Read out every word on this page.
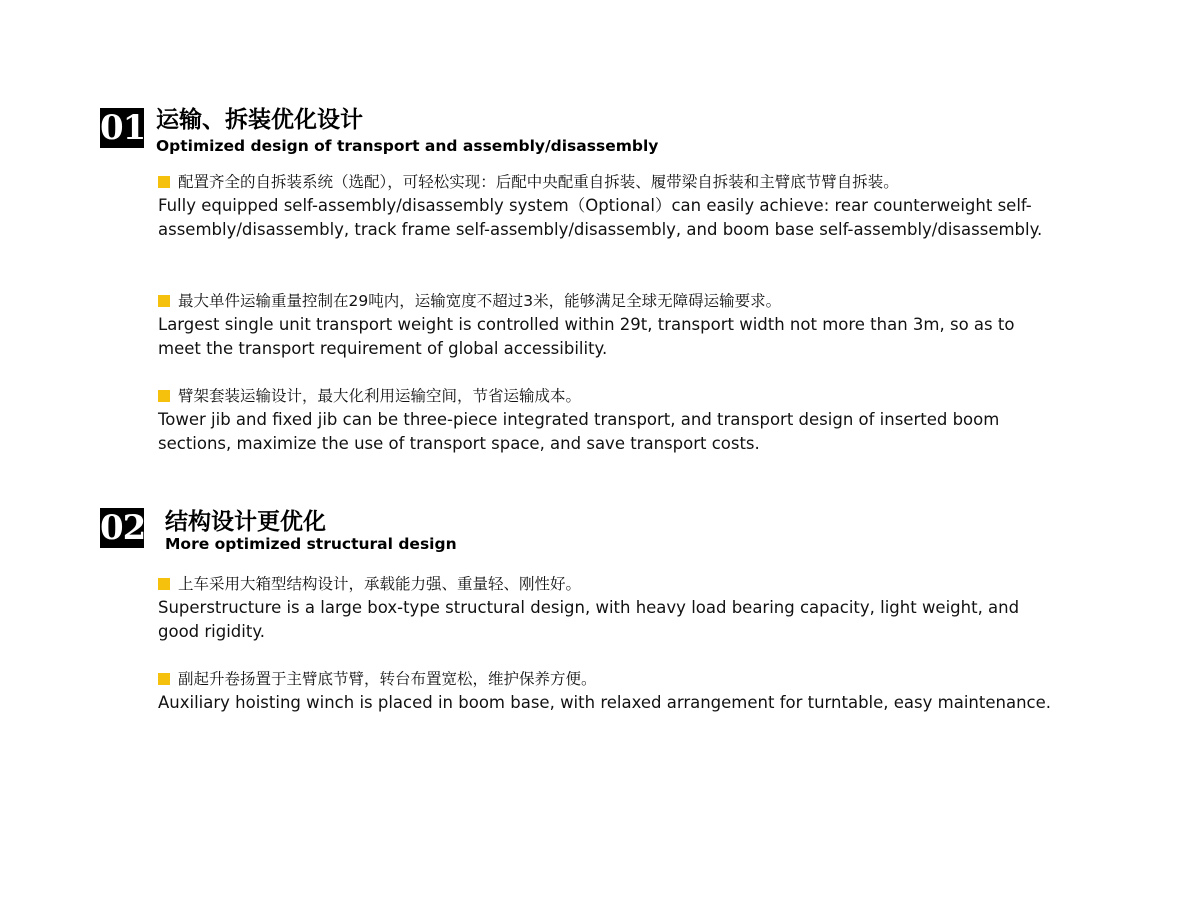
01 运输、拆装优化设计
Optimized design of transport and assembly/disassembly
配置齐全的自拆装系统（选配），可轻松实现：后配中央配重自拆装、履带梁自拆装和主臂底节臂自拆装。

Fully equipped self-assembly/disassembly system（Optional）can easily achieve: rear counterweight self-assembly/disassembly, track frame self-assembly/disassembly, and boom base self-assembly/disassembly.

最大单件运输重量控制在29吨内，运输宽度不超过3米，能够满足全球无障碍运输要求。

Largest single unit transport weight is controlled within 29t, transport width not more than 3m, so as to meet the transport requirement of global accessibility.

臂架套装运输设计，最大化利用运输空间，节省运输成本。

Tower jib and fixed jib can be three-piece integrated transport, and transport design of inserted boom sections, maximize the use of transport space, and save transport costs.

02 结构设计更优化
More optimized structural design
上车采用大箱型结构设计，承载能力强、重量轻、刚性好。

Superstructure is a large box-type structural design, with heavy load bearing capacity, light weight, and good rigidity.

副起升卷扬置于主臂底节臂，转台布置宽松，维护保养方便。

Auxiliary hoisting winch is placed in boom base, with relaxed arrangement for turntable, easy maintenance.
